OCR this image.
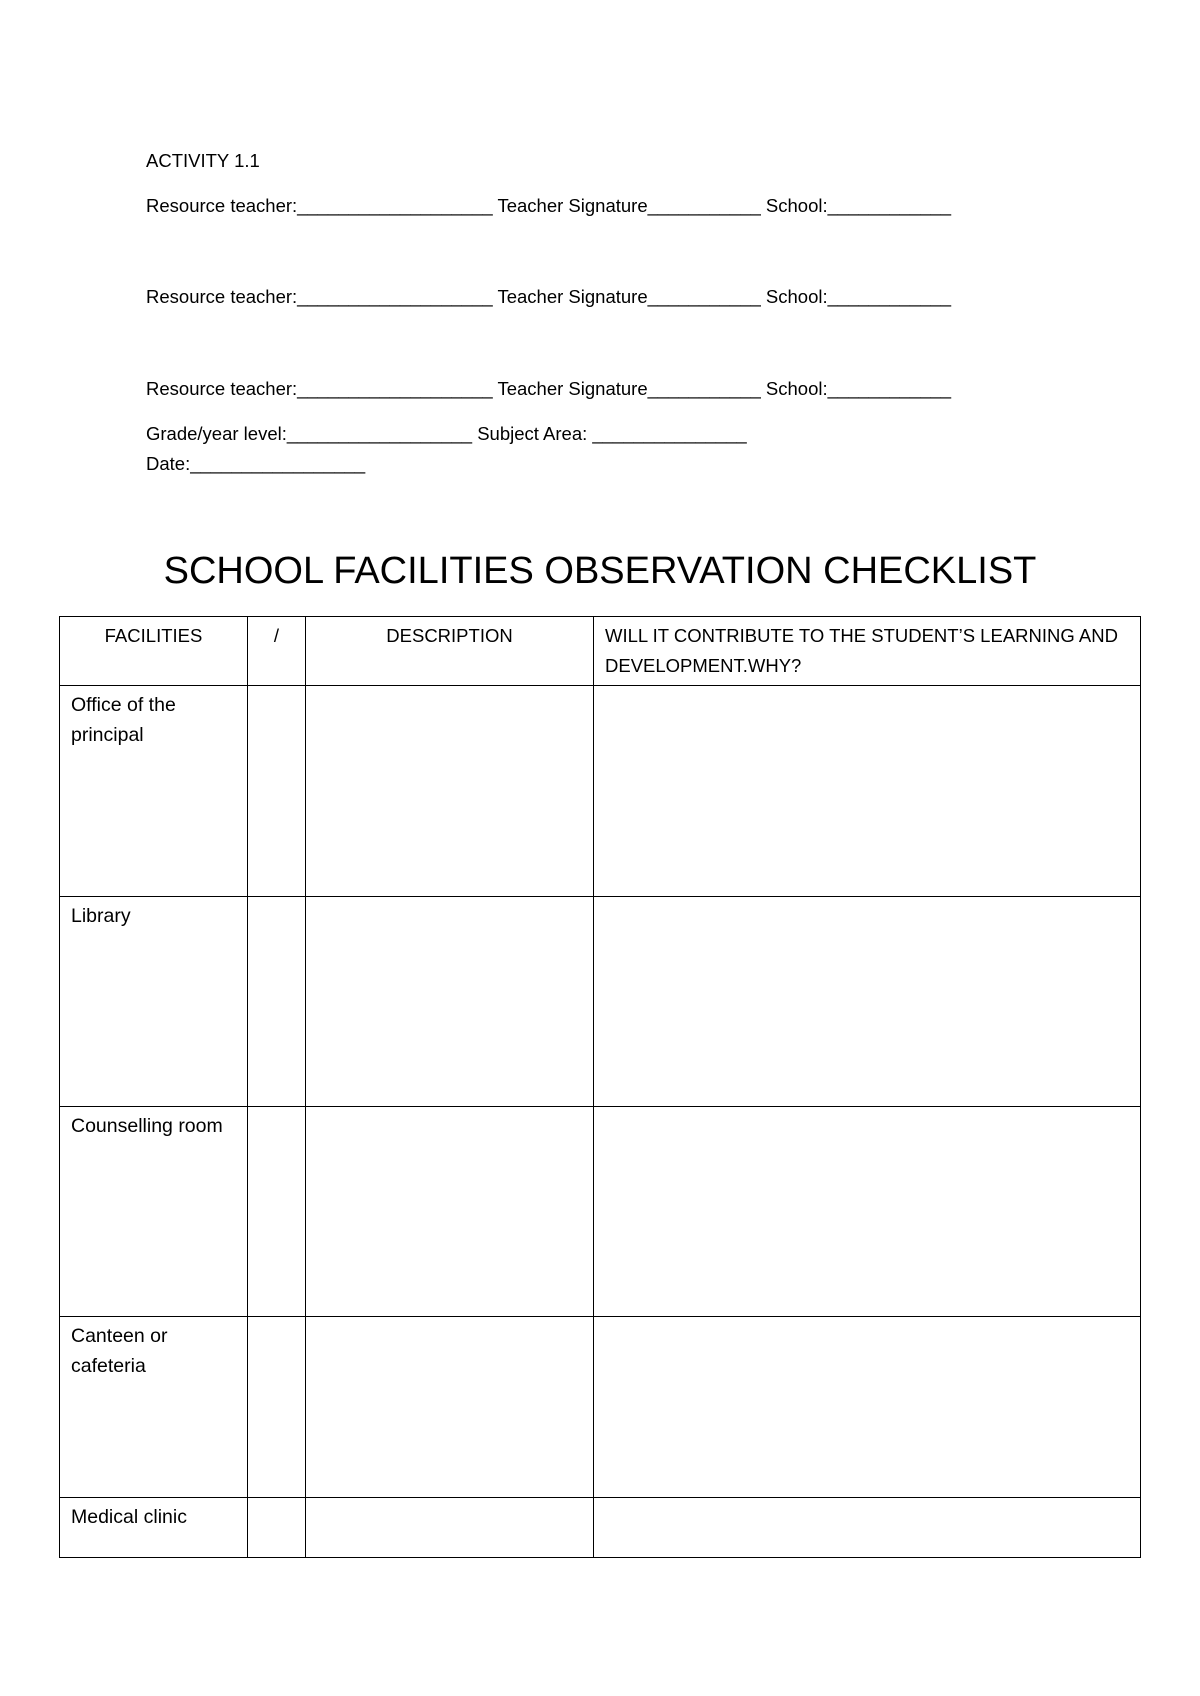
ACTIVITY 1.1
Resource teacher:___________________ Teacher Signature___________ School:____________
Resource teacher:___________________ Teacher Signature___________ School:____________
Resource teacher:___________________ Teacher Signature___________ School:____________
Grade/year level:__________________ Subject Area: _______________
Date:_________________
SCHOOL FACILITIES OBSERVATION CHECKLIST
FACILITIES	/	DESCRIPTION	WILL IT CONTRIBUTE TO THE STUDENT’S LEARNING AND DEVELOPMENT.WHY?
Office of the principal			
Library			
Counselling room			
Canteen or cafeteria			
Medical clinic			
